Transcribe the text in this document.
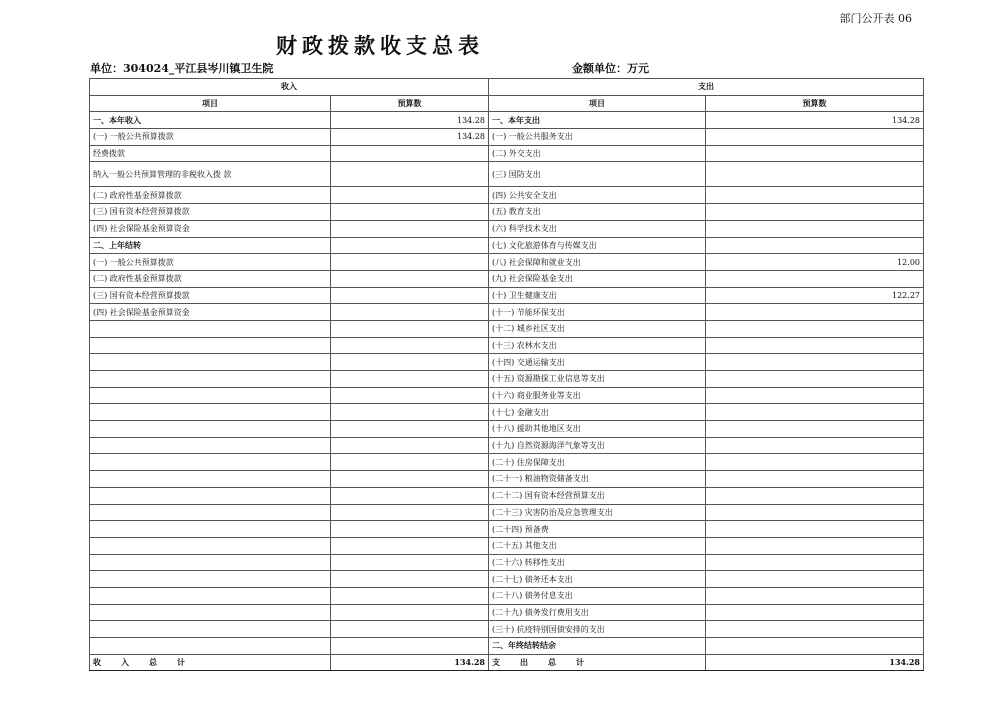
部门公开表 06
财政拨款收支总表
单位：304024_平江县岑川镇卫生院	金额单位：万元
收入		支出	
项目	预算数	项目	预算数
一、本年收入	134.28	一、本年支出	134.28
(一) 一般公共预算拨款	134.28	(一) 一般公共服务支出	
经费拨款		(二) 外交支出	
纳入一般公共预算管理的非税收入拨 款		(三) 国防支出	
(二) 政府性基金预算拨款		(四) 公共安全支出	
(三) 国有资本经营预算拨款		(五) 教育支出	
(四) 社会保险基金预算资金		(六) 科学技术支出	
二、上年结转		(七) 文化旅游体育与传媒支出	
(一) 一般公共预算拨款		(八) 社会保障和就业支出	12.00
(二) 政府性基金预算拨款		(九) 社会保险基金支出	
(三) 国有资本经营预算拨款		(十) 卫生健康支出	122.27
(四) 社会保险基金预算资金		(十一) 节能环保支出	
		(十二) 城乡社区支出	
		(十三) 农林水支出	
		(十四) 交通运输支出	
		(十五) 资源勘探工业信息等支出	
		(十六) 商业服务业等支出	
		(十七) 金融支出	
		(十八) 援助其他地区支出	
		(十九) 自然资源海洋气象等支出	
		(二十) 住房保障支出	
		(二十一) 粮油物资储备支出	
		(二十二) 国有资本经营预算支出	
		(二十三) 灾害防治及应急管理支出	
		(二十四) 预备费	
		(二十五) 其他支出	
		(二十六) 转移性支出	
		(二十七) 债务还本支出	
		(二十八) 债务付息支出	
		(二十九) 债务发行费用支出	
		(三十) 抗疫特别国债安排的支出	
		二、年终结转结余	
收入总计	134.28	支出总计	134.28
